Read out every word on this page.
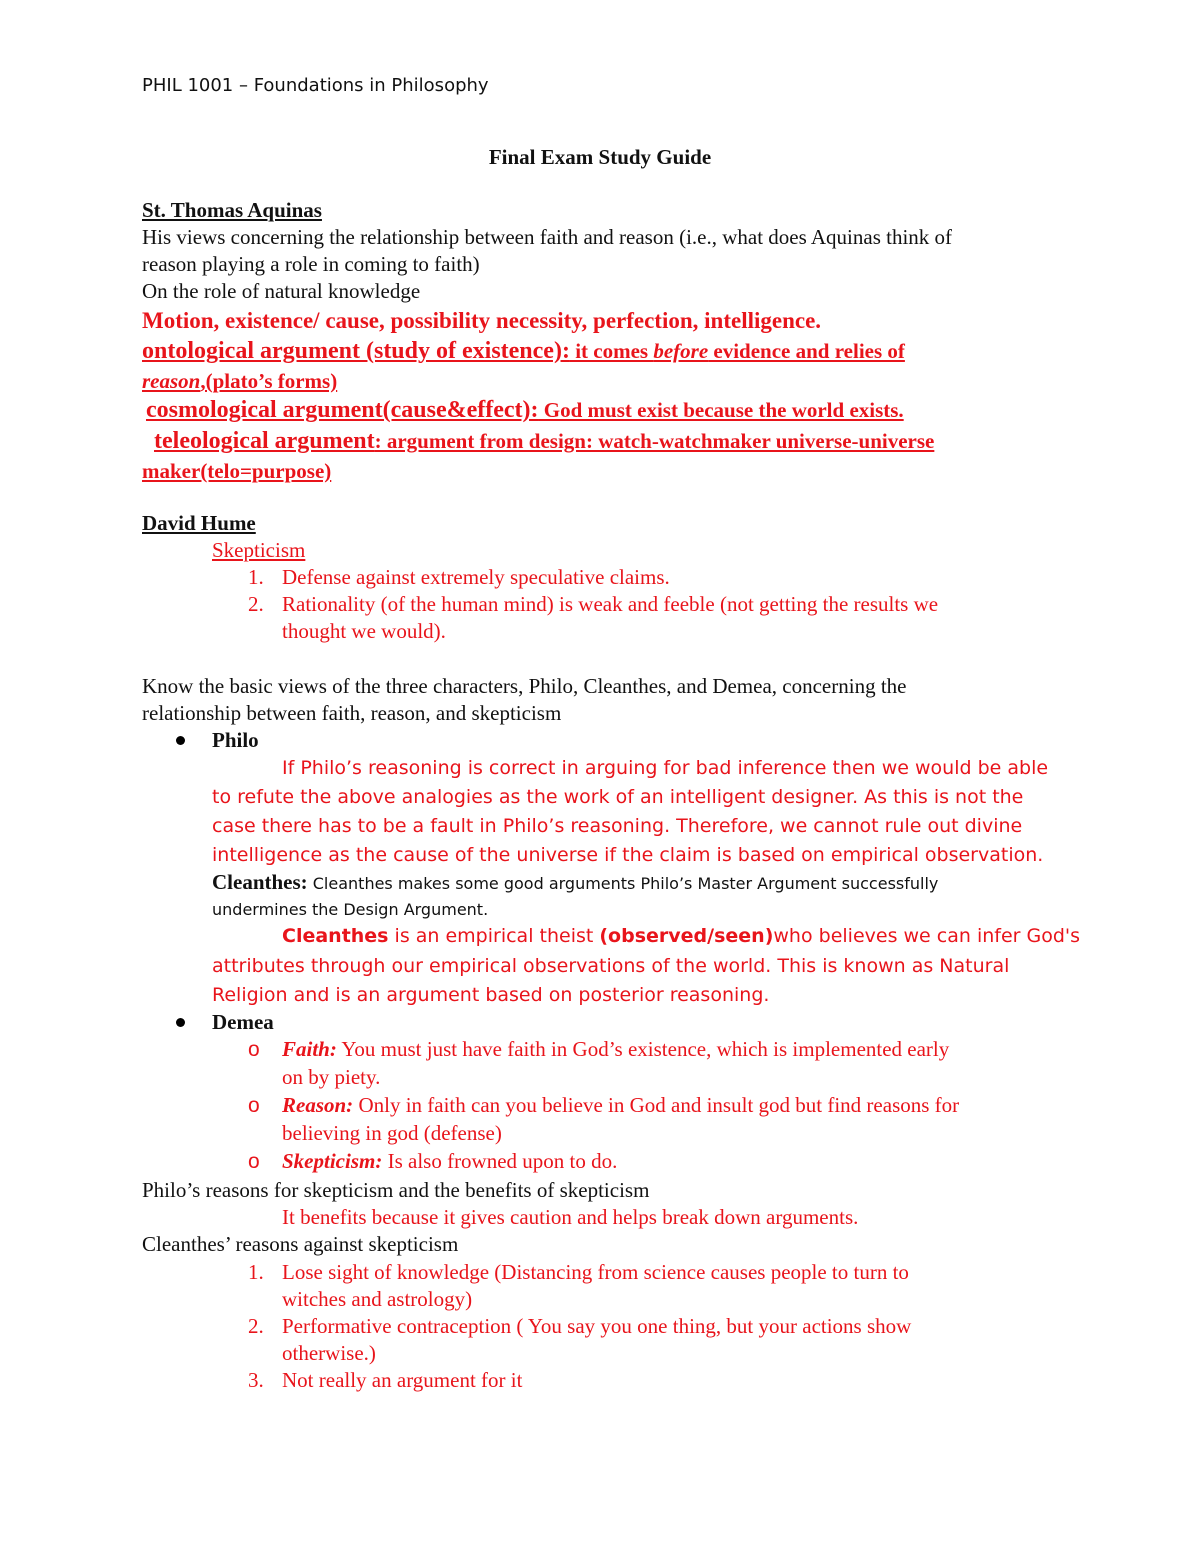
PHIL 1001 – Foundations in Philosophy
Final Exam Study Guide
St. Thomas Aquinas
His views concerning the relationship between faith and reason (i.e., what does Aquinas think of
reason playing a role in coming to faith)
On the role of natural knowledge
Motion, existence/ cause, possibility necessity, perfection, intelligence.
ontological argument (study of existence): it comes before evidence and relies of
reason,(plato’s forms)
cosmological argument(cause&effect): God must exist because the world exists.
teleological argument: argument from design: watch-watchmaker universe-universe
maker(telo=purpose)
David Hume
Skepticism
1. Defense against extremely speculative claims.
2. Rationality (of the human mind) is weak and feeble (not getting the results we
thought we would).
Know the basic views of the three characters, Philo, Cleanthes, and Demea, concerning the
relationship between faith, reason, and skepticism
Philo
If Philo’s reasoning is correct in arguing for bad inference then we would be able
to refute the above analogies as the work of an intelligent designer. As this is not the
case there has to be a fault in Philo’s reasoning. Therefore, we cannot rule out divine
intelligence as the cause of the universe if the claim is based on empirical observation.
Cleanthes: Cleanthes makes some good arguments Philo’s Master Argument successfully
undermines the Design Argument.
Cleanthes is an empirical theist (observed/seen)who believes we can infer God's
attributes through our empirical observations of the world. This is known as Natural
Religion and is an argument based on posterior reasoning.
Demea
o Faith: You must just have faith in God’s existence, which is implemented early
on by piety.
o Reason: Only in faith can you believe in God and insult god but find reasons for
believing in god (defense)
o Skepticism: Is also frowned upon to do.
Philo’s reasons for skepticism and the benefits of skepticism
It benefits because it gives caution and helps break down arguments.
Cleanthes’ reasons against skepticism
1. Lose sight of knowledge (Distancing from science causes people to turn to
witches and astrology)
2. Performative contraception ( You say you one thing, but your actions show
otherwise.)
3. Not really an argument for it
